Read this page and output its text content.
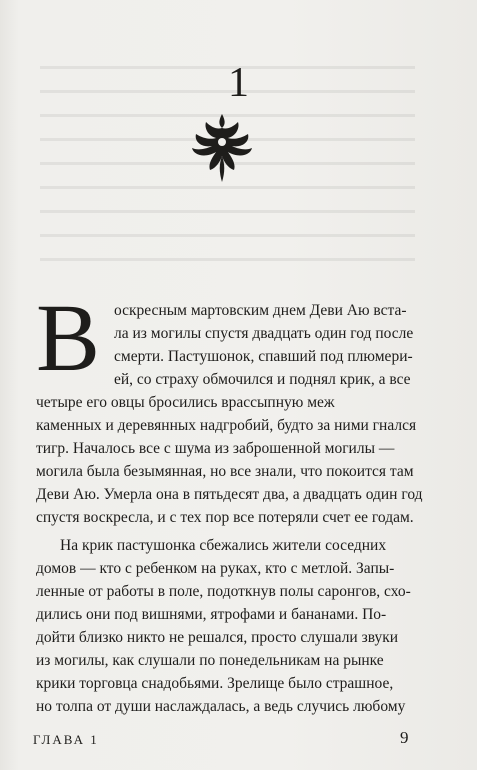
1
В оскресным мартовским днем Деви Аю вста-
ла из могилы спустя двадцать один год после
смерти. Пастушонок, спавший под плюмери-
ей, со страху обмочился и поднял крик, а все
четыре его овцы бросились врассыпную меж
каменных и деревянных надгробий, будто за ними гнался
тигр. Началось все с шума из заброшенной могилы —
могила была безымянная, но все знали, что покоится там
Деви Аю. Умерла она в пятьдесят два, а двадцать один год
спустя воскресла, и с тех пор все потеряли счет ее годам.
На крик пастушонка сбежались жители соседних
домов — кто с ребенком на руках, кто с метлой. Запы-
ленные от работы в поле, подоткнув полы саронгов, схо-
дились они под вишнями, ятрофами и бананами. По-
дойти близко никто не решался, просто слушали звуки
из могилы, как слушали по понедельникам на рынке
крики торговца снадобьями. Зрелище было страшное,
но толпа от души наслаждалась, а ведь случись любому
ГЛАВА 1	9
